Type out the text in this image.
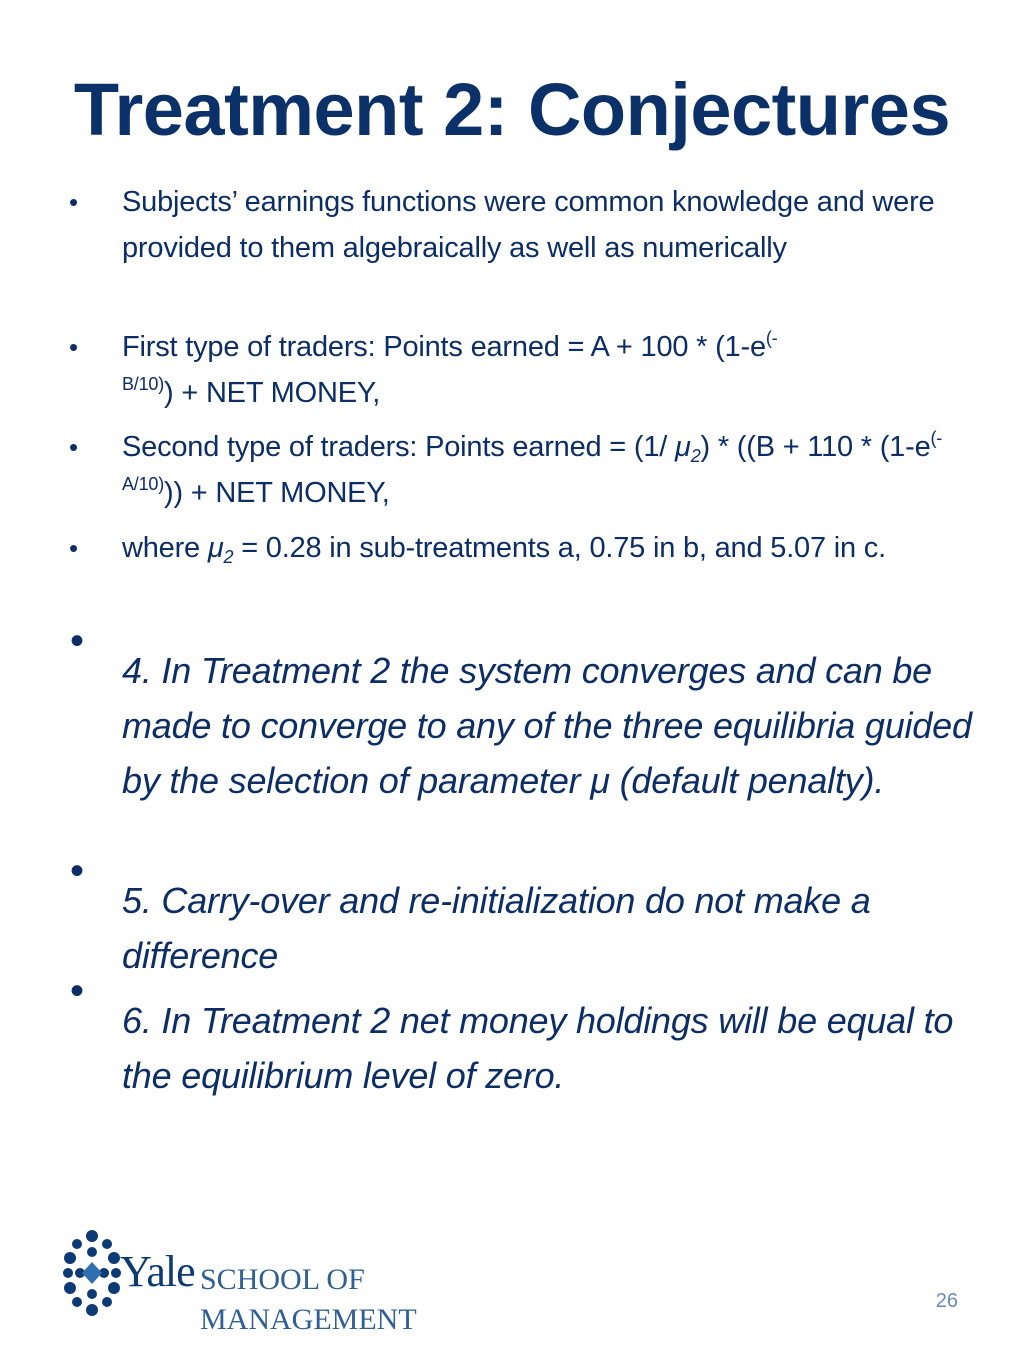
Treatment 2: Conjectures
• Subjects’ earnings functions were common knowledge and were provided to them algebraically as well as numerically
• First type of traders: Points earned = A + 100 * (1-e(-
$^{B/10)}$) + NET MONEY,
• Second type of traders: Points earned = (1/ $\mu_2) * ((B + 110 * (1-e^{(-A/10)}))$ + NET MONEY,
• where $\mu_2 = 0.28$ in sub-treatments a, 0.75 in b, and 5.07 in c.
•
4. In Treatment 2 the system converges and can be made to converge to any of the three equilibria guided by the selection of parameter μ (default penalty).
•
5. Carry-over and re-initialization do not make a difference
•
6. In Treatment 2 net money holdings will be equal to the equilibrium level of zero.
Yale SCHOOL OF MANAGEMENT
26
